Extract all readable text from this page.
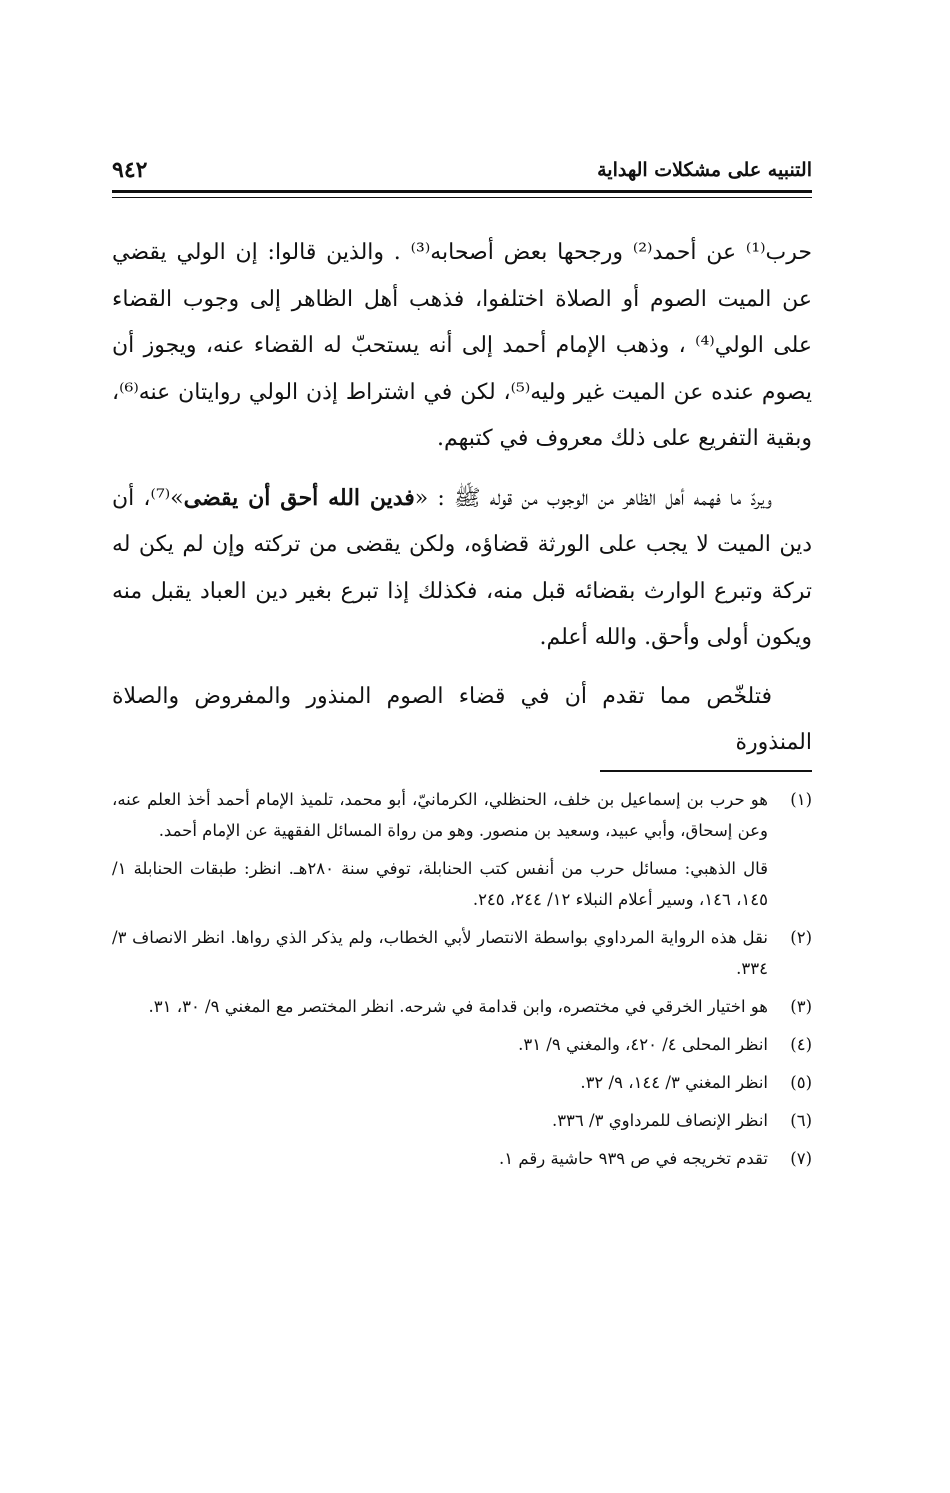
٩٤٢	التنبيه على مشكلات الهداية

حرب⁽¹⁾ عن أحمد⁽²⁾ ورجحها بعض أصحابه⁽³⁾ . والذين قالوا: إن الولي يقضي عن الميت الصوم أو الصلاة اختلفوا، فذهب أهل الظاهر إلى وجوب القضاء على الولي⁽⁴⁾ ، وذهب الإمام أحمد إلى أنه يستحبّ له القضاء عنه، ويجوز أن يصوم عنده عن الميت غير وليه⁽⁵⁾، لكن في اشتراط إذن الولي روايتان عنه⁽⁶⁾، وبقية التفريع على ذلك معروف في كتبهم.

ويردّ ما فهمه أهل الظاهر من الوجوب من قوله ﷺ : «فدين الله أحق أن يقضى»⁽⁷⁾، أن دين الميت لا يجب على الورثة قضاؤه، ولكن يقضى من تركته وإن لم يكن له تركة وتبرع الوارث بقضائه قبل منه، فكذلك إذا تبرع بغير دين العباد يقبل منه ويكون أولى وأحق. والله أعلم.

فتلخّص مما تقدم أن في قضاء الصوم المنذور والمفروض والصلاة المنذورة

(١)
هو حرب بن إسماعيل بن خلف، الحنظلي، الكرمانيّ، أبو محمد، تلميذ الإمام أحمد أخذ العلم عنه، وعن إسحاق، وأبي عبيد، وسعيد بن منصور. وهو من رواة المسائل الفقهية عن الإمام أحمد.

قال الذهبي: مسائل حرب من أنفس كتب الحنابلة، توفي سنة ٢٨٠هـ. انظر: طبقات الحنابلة ١/ ١٤٥، ١٤٦، وسير أعلام النبلاء ١٢/ ٢٤٤، ٢٤٥.

(٢)
نقل هذه الرواية المرداوي بواسطة الانتصار لأبي الخطاب، ولم يذكر الذي رواها. انظر الانصاف ٣/ ٣٣٤.
(٣)
هو اختيار الخرقي في مختصره، وابن قدامة في شرحه. انظر المختصر مع المغني ٩/ ٣٠، ٣١.
(٤)
انظر المحلى ٤/ ٤٢٠، والمغني ٩/ ٣١.
(٥)
انظر المغني ٣/ ١٤٤، ٩/ ٣٢.
(٦)
انظر الإنصاف للمرداوي ٣/ ٣٣٦.
(٧)
تقدم تخريجه في ص ٩٣٩ حاشية رقم ١.
